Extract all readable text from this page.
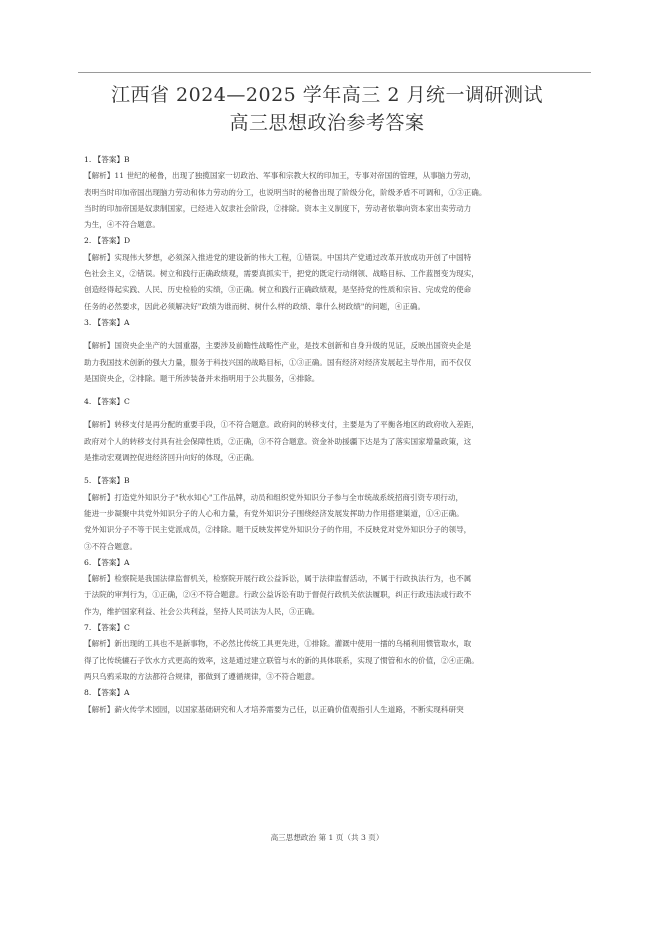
江西省 2024—2025 学年高三 2 月统一调研测试
高三思想政治参考答案

1. 【答案】B

【解析】11 世纪的秘鲁，出现了独揽国家一切政治、军事和宗教大权的印加王，专事对帝国的管理，从事脑力劳动，

表明当时印加帝国出现脑力劳动和体力劳动的分工，也说明当时的秘鲁出现了阶级分化，阶级矛盾不可调和，①③正确。

当时的印加帝国是奴隶制国家，已经进入奴隶社会阶段，②排除。资本主义制度下，劳动者依靠向资本家出卖劳动力

为生，④不符合题意。

2. 【答案】D

【解析】实现伟大梦想，必须深入推进党的建设新的伟大工程，①错误。中国共产党通过改革开放成功开创了中国特

色社会主义，②错误。树立和践行正确政绩观，需要真抓实干，把党的既定行动纲领、战略目标、工作蓝图变为现实，

创造经得起实践、人民、历史检验的实绩，③正确。树立和践行正确政绩观，是坚持党的性质和宗旨、完成党的使命

任务的必然要求，因此必须解决好"政绩为谁而树、树什么样的政绩、靠什么树政绩"的问题，④正确。

3. 【答案】A

【解析】国资央企坐产的大国重器，主要涉及前瞻性战略性产业，是技术创新和自身升级的见证，反映出国资央企是

助力我国技术创新的强大力量，服务于科技兴国的战略目标，①③正确。国有经济对经济发展起主导作用，而不仅仅

是国资央企，②排除。题干所涉装备并未指明用于公共服务，④排除。

4. 【答案】C

【解析】转移支付是再分配的重要手段，①不符合题意。政府间的转移支付，主要是为了平衡各地区的政府收入差距，

政府对个人的转移支付具有社会保障性质，②正确，③不符合题意。资金补助援疆下达是为了落实国家增量政策，这

是推动宏观调控促进经济回升向好的体现，④正确。

5. 【答案】B

【解析】打造党外知识分子"秋水知心"工作品牌，动员和组织党外知识分子参与全市统战系统招商引资专项行动，

能进一步凝聚中共党外知识分子的人心和力量，有党外知识分子围绕经济发展发挥助力作用搭建渠道，①④正确。

党外知识分子不等于民主党派成员，②排除。题干反映发挥党外知识分子的作用，不反映党对党外知识分子的领导，

③不符合题意。

6. 【答案】A

【解析】检察院是我国法律监督机关，检察院开展行政公益诉讼，属于法律监督活动，不属于行政执法行为，也不属

于法院的审判行为，①正确，②④不符合题意。行政公益诉讼有助于督促行政机关依法履职，纠正行政违法或行政不

作为，维护国家利益、社会公共利益，坚持人民司法为人民，③正确。

7. 【答案】C

【解析】新出现的工具也不是新事物，不必然比传统工具更先进，①排除。灌溉中使用一擂的乌桶利用惯管取水，取

得了比传统辘石子饮水方式更高的效率，这是通过建立联管与水的新的具体联系，实现了惯管和水的价值，②④正确。

两只乌鸦采取的方法都符合规律，都做到了遵循规律，③不符合题意。

8. 【答案】A

【解析】薪火传学术园园，以国家基础研究和人才培养需要为己任，以正确价值观指引人生道路，不断实现科研突

高三思想政治 第 1 页（共 3 页）
